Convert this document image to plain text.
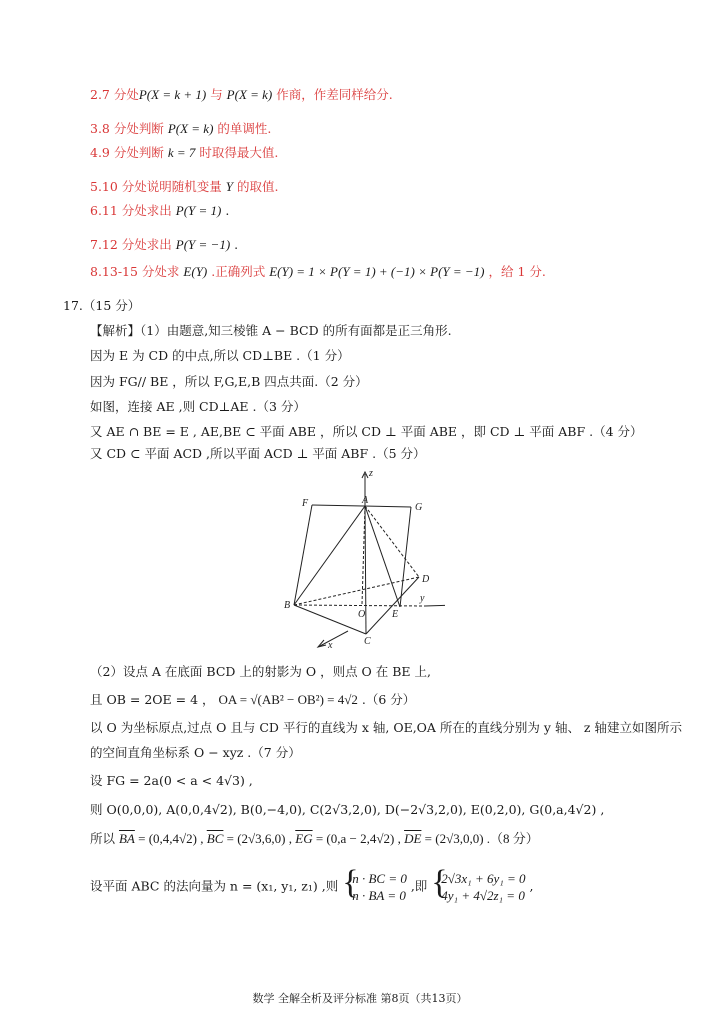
2.7 分处P(X = k + 1) 与 P(X = k) 作商，作差同样给分.
3.8 分处判断 P(X = k) 的单调性.
4.9 分处判断 k = 7 时取得最大值.
5.10 分处说明随机变量 Y 的取值.
6.11 分处求出 P(Y = 1) .
7.12 分处求出 P(Y = −1) .
8.13-15 分处求 E(Y) .正确列式 E(Y) = 1 × P(Y = 1) + (−1) × P(Y = −1) ，给 1 分.
17.（15 分）
【解析】（1）由题意,知三棱锥 A − BCD 的所有面都是正三角形.
因为 E 为 CD 的中点,所以 CD⊥BE .（1 分）
因为 FG// BE ，所以 F,G,E,B 四点共面.（2 分）
如图，连接 AE ,则 CD⊥AE .（3 分）
又 AE ∩ BE = E , AE,BE ⊂ 平面 ABE ，所以 CD ⊥ 平面 ABE ，即 CD ⊥ 平面 ABF .（4 分）
又 CD ⊂ 平面 ACD ,所以平面 ACD ⊥ 平面 ABF .（5 分）
z
F	A
G
D
y
B
O	E
C
x
（2）设点 A 在底面 BCD 上的射影为 O ，则点 O 在 BE 上,
且 OB = 2OE = 4 ， OA = √(AB² − OB²) = 4√2 .（6 分）
以 O 为坐标原点,过点 O 且与 CD 平行的直线为 x 轴, OE,OA 所在的直线分别为 y 轴、 z 轴建立如图所示
的空间直角坐标系 O − xyz .（7 分）
设 FG = 2a(0 < a < 4√3) ,
则 O(0,0,0), A(0,0,4√2), B(0,−4,0), C(2√3,2,0), D(−2√3,2,0), E(0,2,0), G(0,a,4√2) ,
所以 $\overline{BA} = (0,4,4√2)$ , $\overline{BC} = (2√3,6,0)$ , $\overline{EG} = (0,a - 2,4√2)$ , $\overline{DE} = (2√3,0,0)$ .（8 分）
设平面 ABC 的法向量为 n = (x₁, y₁, z₁) ,则 {
n · BC = 0
n · BA = 0
,即 {
2√3x₁ + 6y₁ = 0
4y₁ + 4√2z₁ = 0
,
数学 全解全析及评分标准 第8页（共13页）
